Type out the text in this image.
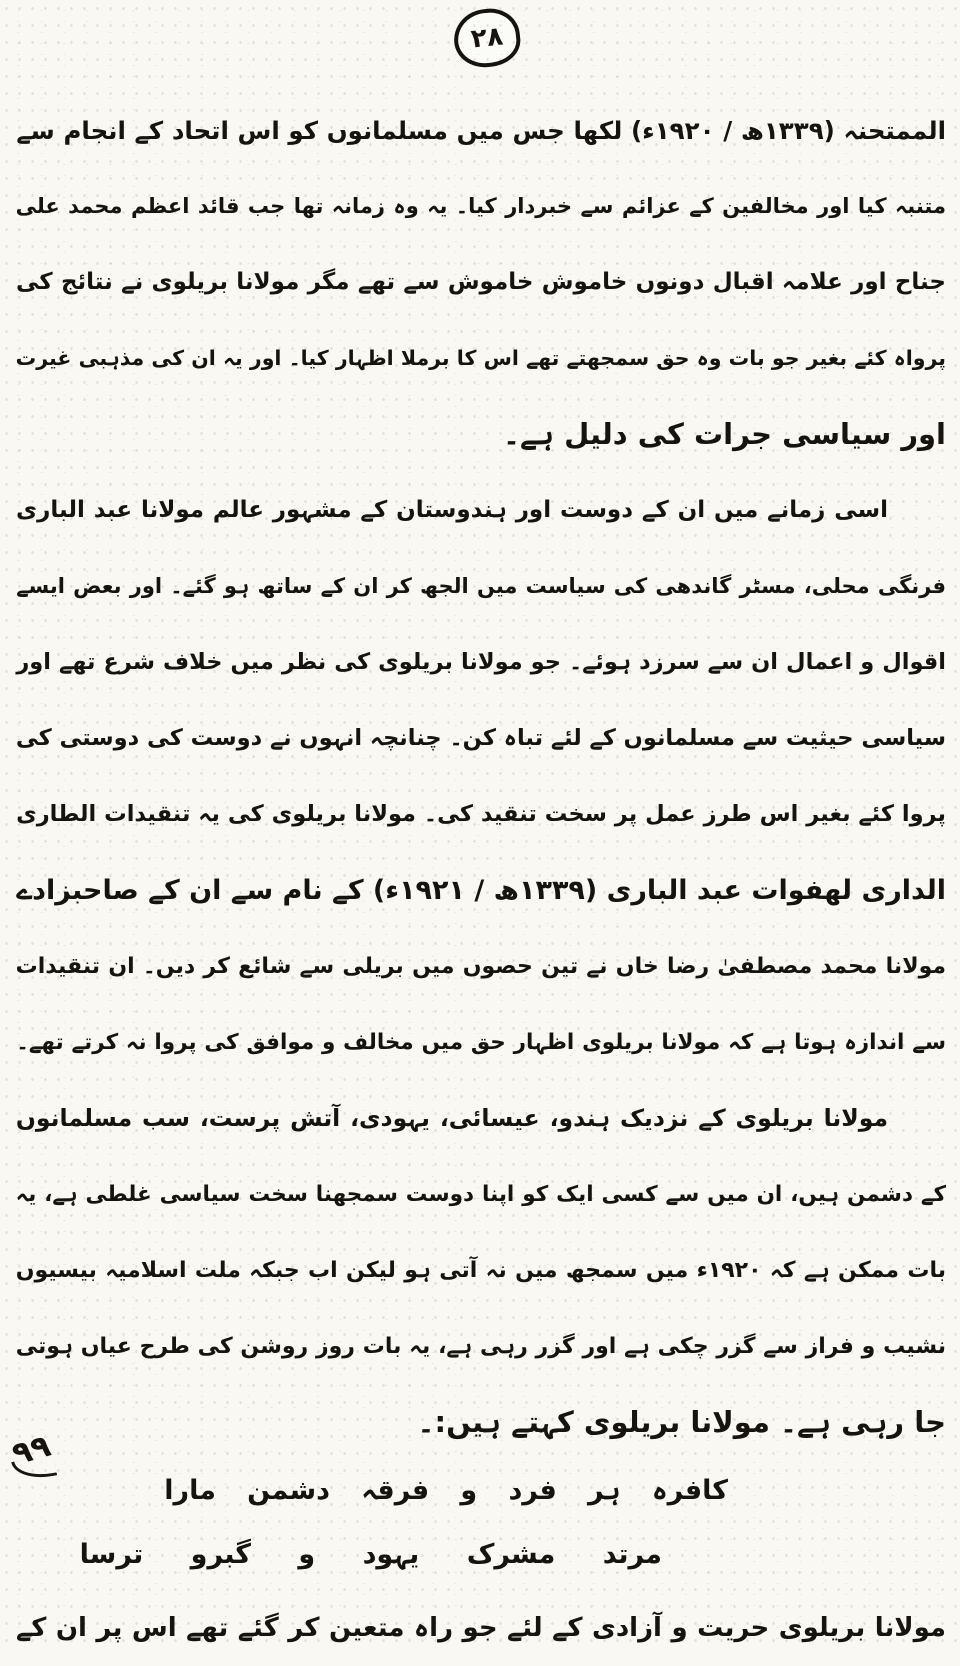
۲۸
الممتحنہ (۱۳۳۹ھ / ۱۹۲۰ء) لکھا جس میں مسلمانوں کو اس اتحاد کے انجام سے
متنبہ کیا اور مخالفین کے عزائم سے خبردار کیا۔ یہ وہ زمانہ تھا جب قائد اعظم محمد علی
جناح اور علامہ اقبال دونوں خاموش خاموش سے تھے مگر مولانا بریلوی نے نتائج کی
پرواہ کئے بغیر جو بات وہ حق سمجھتے تھے اس کا برملا اظہار کیا۔ اور یہ ان کی مذہبی غیرت
اور سیاسی جرات کی دلیل ہے۔
اسی زمانے میں ان کے دوست اور ہندوستان کے مشہور عالم مولانا عبد الباری
فرنگی محلی، مسٹر گاندھی کی سیاست میں الجھ کر ان کے ساتھ ہو گئے۔ اور بعض ایسے
اقوال و اعمال ان سے سرزد ہوئے۔ جو مولانا بریلوی کی نظر میں خلاف شرع تھے اور
سیاسی حیثیت سے مسلمانوں کے لئے تباہ کن۔ چنانچہ انہوں نے دوست کی دوستی کی
پروا کئے بغیر اس طرز عمل پر سخت تنقید کی۔ مولانا بریلوی کی یہ تنقیدات الطاری
الداری لھفوات عبد الباری (۱۳۳۹ھ / ۱۹۲۱ء) کے نام سے ان کے صاحبزادے
مولانا محمد مصطفیٰ رضا خاں نے تین حصوں میں بریلی سے شائع کر دیں۔ ان تنقیدات
سے اندازہ ہوتا ہے کہ مولانا بریلوی اظہار حق میں مخالف و موافق کی پروا نہ کرتے تھے۔
مولانا بریلوی کے نزدیک ہندو، عیسائی، یہودی، آتش پرست، سب مسلمانوں
کے دشمن ہیں، ان میں سے کسی ایک کو اپنا دوست سمجھنا سخت سیاسی غلطی ہے، یہ
بات ممکن ہے کہ ۱۹۲۰ء میں سمجھ میں نہ آتی ہو لیکن اب جبکہ ملت اسلامیہ بیسیوں
نشیب و فراز سے گزر چکی ہے اور گزر رہی ہے، یہ بات روز روشن کی طرح عیاں ہوتی
جا رہی ہے۔ مولانا بریلوی کہتے ہیں:۔
کافرہ ہر فرد و فرقہ دشمن مارا
مرتد مشرک یہود و گبرو ترسا
مولانا بریلوی حریت و آزادی کے لئے جو راہ متعین کر گئے تھے اس پر ان کے
۹۹
